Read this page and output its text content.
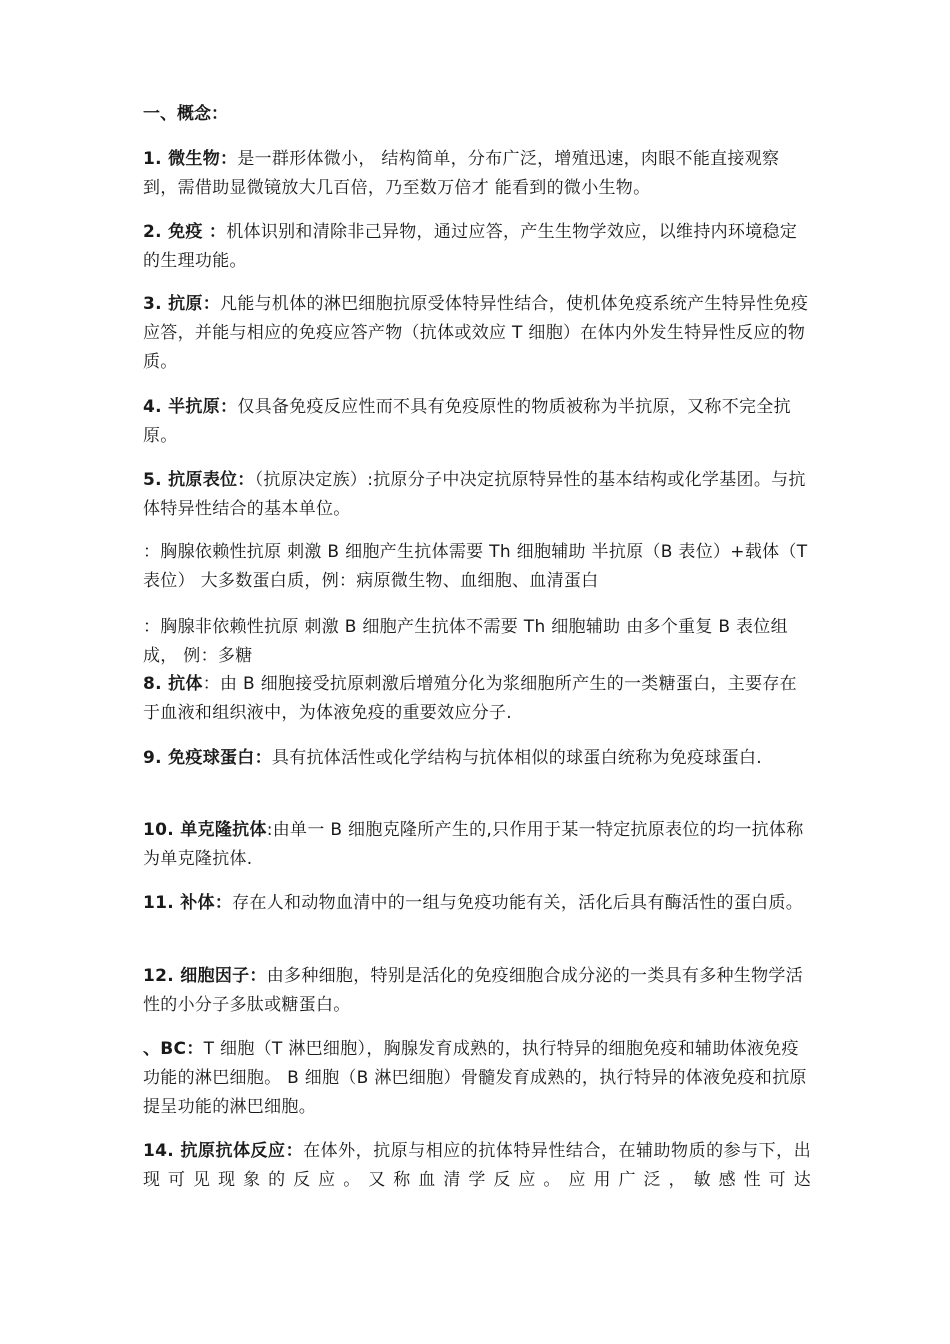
一、概念：
1. 微生物：是一群形体微小， 结构简单，分布广泛，增殖迅速，肉眼不能直接观察到，需借助显微镜放大几百倍，乃至数万倍才 能看到的微小生物。
2. 免疫 ：机体识别和清除非己异物，通过应答，产生生物学效应，以维持内环境稳定的生理功能。
3. 抗原：凡能与机体的淋巴细胞抗原受体特异性结合，使机体免疫系统产生特异性免疫应答，并能与相应的免疫应答产物（抗体或效应 T 细胞）在体内外发生特异性反应的物质。
4. 半抗原：仅具备免疫反应性而不具有免疫原性的物质被称为半抗原，又称不完全抗原。
5. 抗原表位：（抗原决定族）:抗原分子中决定抗原特异性的基本结构或化学基团。与抗体特异性结合的基本单位。
：胸腺依赖性抗原 刺激 B 细胞产生抗体需要 Th 细胞辅助 半抗原（B 表位）+载体（T 表位） 大多数蛋白质，例：病原微生物、血细胞、血清蛋白
：胸腺非依赖性抗原 刺激 B 细胞产生抗体不需要 Th 细胞辅助 由多个重复 B 表位组成， 例：多糖
8. 抗体：由 B 细胞接受抗原刺激后增殖分化为浆细胞所产生的一类糖蛋白，主要存在于血液和组织液中，为体液免疫的重要效应分子.
9. 免疫球蛋白：具有抗体活性或化学结构与抗体相似的球蛋白统称为免疫球蛋白.
10. 单克隆抗体:由单一 B 细胞克隆所产生的,只作用于某一特定抗原表位的均一抗体称为单克隆抗体.
11. 补体：存在人和动物血清中的一组与免疫功能有关，活化后具有酶活性的蛋白质。
12. 细胞因子：由多种细胞，特别是活化的免疫细胞合成分泌的一类具有多种生物学活性的小分子多肽或糖蛋白。
、BC：T 细胞（T 淋巴细胞），胸腺发育成熟的，执行特异的细胞免疫和辅助体液免疫功能的淋巴细胞。 B 细胞（B 淋巴细胞）骨髓发育成熟的，执行特异的体液免疫和抗原提呈功能的淋巴细胞。
14. 抗原抗体反应：在体外，抗原与相应的抗体特异性结合，在辅助物质的参与下，出现可见现象的反应。又称血清学反应。应用广泛，敏感性可达
